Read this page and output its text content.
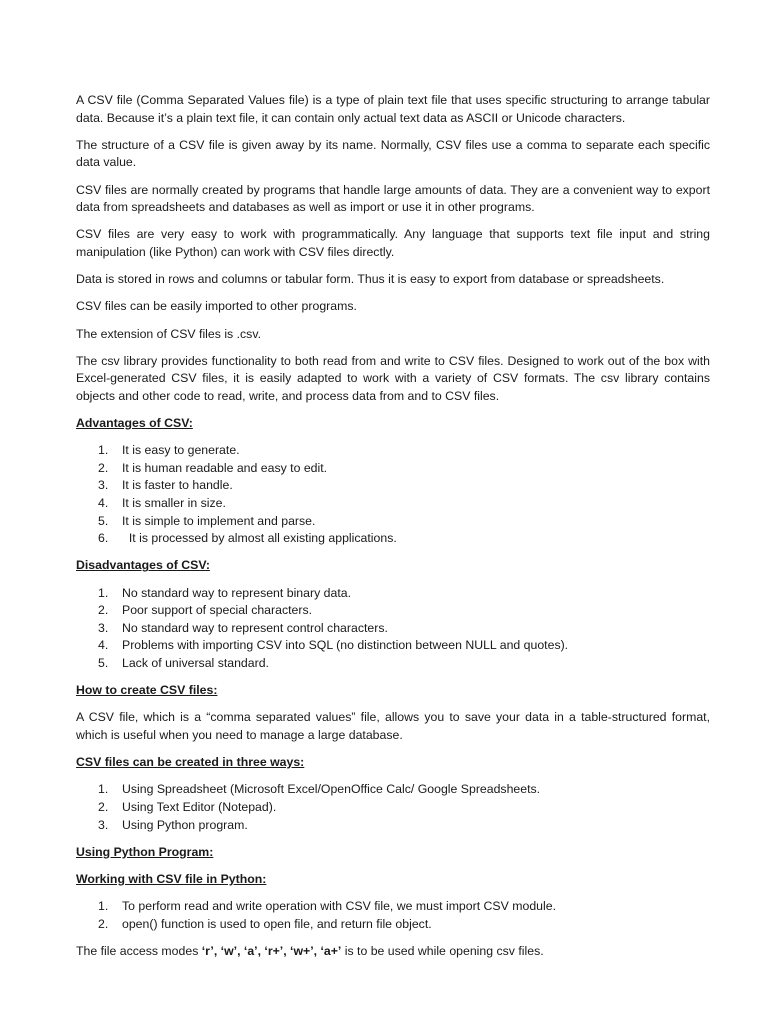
A CSV file (Comma Separated Values file) is a type of plain text file that uses specific structuring to arrange tabular data. Because it’s a plain text file, it can contain only actual text data as ASCII or Unicode characters.

The structure of a CSV file is given away by its name. Normally, CSV files use a comma to separate each specific data value.

CSV files are normally created by programs that handle large amounts of data. They are a convenient way to export data from spreadsheets and databases as well as import or use it in other programs.

CSV files are very easy to work with programmatically. Any language that supports text file input and string manipulation (like Python) can work with CSV files directly.

Data is stored in rows and columns or tabular form. Thus it is easy to export from database or spreadsheets.

CSV files can be easily imported to other programs.

The extension of CSV files is .csv.

The csv library provides functionality to both read from and write to CSV files. Designed to work out of the box with Excel-generated CSV files, it is easily adapted to work with a variety of CSV formats. The csv library contains objects and other code to read, write, and process data from and to CSV files.

Advantages of CSV:

1. It is easy to generate.
2. It is human readable and easy to edit.
3. It is faster to handle.
4. It is smaller in size.
5. It is simple to implement and parse.
6. It is processed by almost all existing applications.

Disadvantages of CSV:

1. No standard way to represent binary data.
2. Poor support of special characters.
3. No standard way to represent control characters.
4. Problems with importing CSV into SQL (no distinction between NULL and quotes).
5. Lack of universal standard.

How to create CSV files:

A CSV file, which is a “comma separated values” file, allows you to save your data in a table-structured format, which is useful when you need to manage a large database.

CSV files can be created in three ways:

1. Using Spreadsheet (Microsoft Excel/OpenOffice Calc/ Google Spreadsheets.
2. Using Text Editor (Notepad).
3. Using Python program.

Using Python Program:

Working with CSV file in Python:

1. To perform read and write operation with CSV file, we must import CSV module.
2. open() function is used to open file, and return file object.

The file access modes ‘r’, ‘w’, ‘a’, ‘r+’, ‘w+’, ‘a+’ is to be used while opening csv files.
